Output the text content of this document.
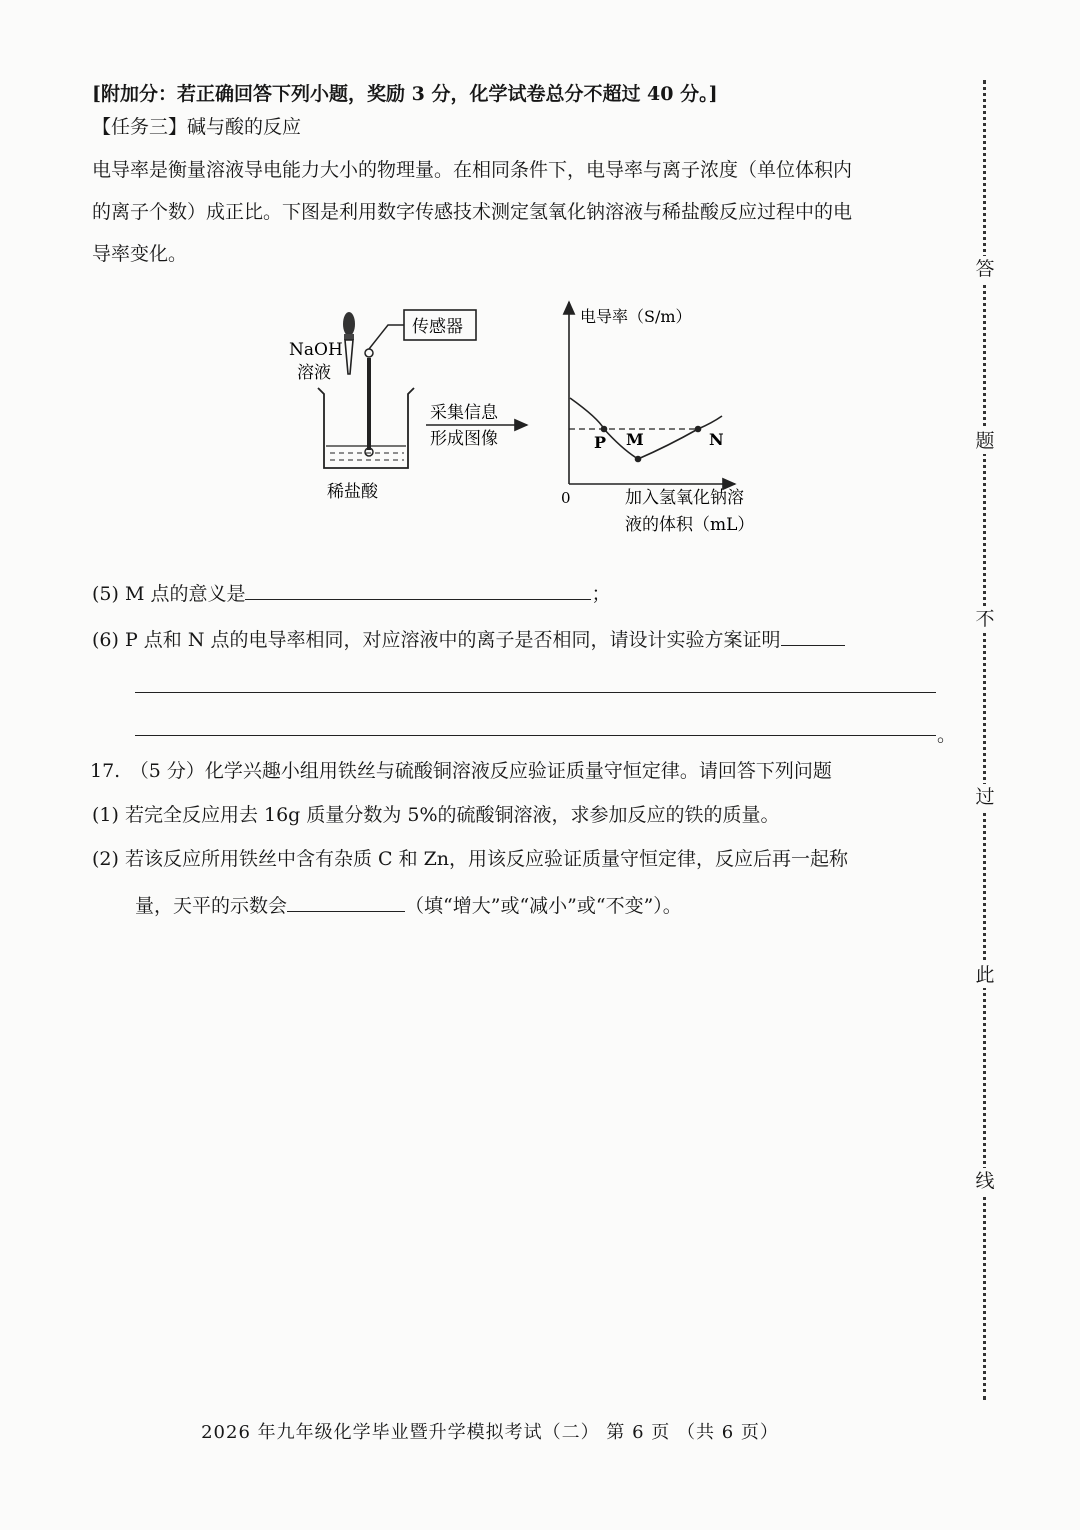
[附加分：若正确回答下列小题，奖励 3 分，化学试卷总分不超过 40 分。]
【任务三】碱与酸的反应
电导率是衡量溶液导电能力大小的物理量。在相同条件下，电导率与离子浓度（单位体积内
的离子个数）成正比。下图是利用数字传感技术测定氢氧化钠溶液与稀盐酸反应过程中的电
导率变化。
NaOH
溶液
传感器
稀盐酸
采集信息
形成图像
电导率（S/m）
0	加入氢氧化钠溶
液的体积（mL）
P M	N
(5) M 点的意义是	；
(6) P 点和 N 点的电导率相同，对应溶液中的离子是否相同，请设计实验方案证明
。
17.　（5 分）化学兴趣小组用铁丝与硫酸铜溶液反应验证质量守恒定律。请回答下列问题
(1) 若完全反应用去 16g 质量分数为 5%的硫酸铜溶液，求参加反应的铁的质量。
(2) 若该反应所用铁丝中含有杂质 C 和 Zn，用该反应验证质量守恒定律，反应后再一起称
量，天平的示数会	（填“增大”或“减小”或“不变”）。
答
题
不
过
此
线
2026 年九年级化学毕业暨升学模拟考试（二） 第 6 页 （共 6 页）
